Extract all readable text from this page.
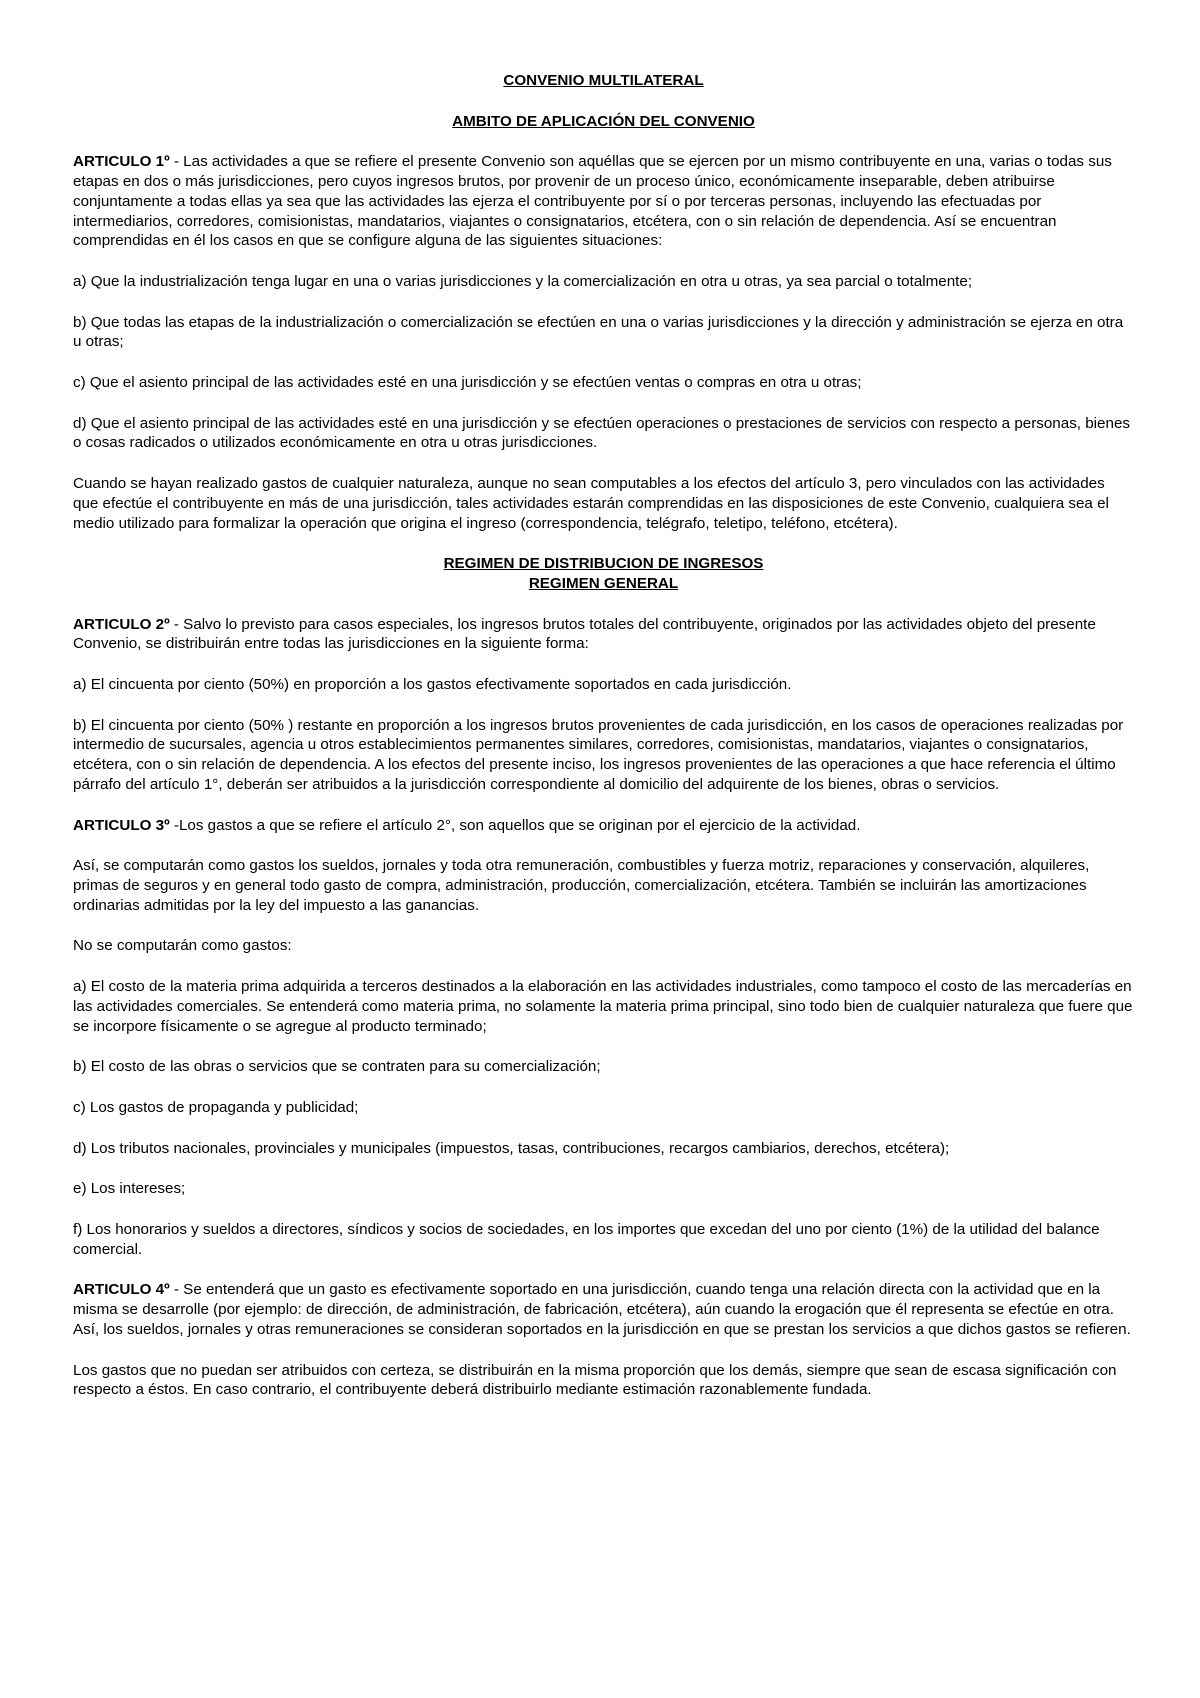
CONVENIO MULTILATERAL

AMBITO DE APLICACIÓN DEL CONVENIO

ARTICULO 1º - Las actividades a que se refiere el presente Convenio son aquéllas que se ejercen por un mismo contribuyente en una, varias o todas sus etapas en dos o más jurisdicciones, pero cuyos ingresos brutos, por provenir de un proceso único, económicamente inseparable, deben atribuirse conjuntamente a todas ellas ya sea que las actividades las ejerza el contribuyente por sí o por terceras personas, incluyendo las efectuadas por intermediarios, corredores, comisionistas, mandatarios, viajantes o consignatarios, etcétera, con o sin relación de dependencia. Así se encuentran comprendidas en él los casos en que se configure alguna de las siguientes situaciones:

a) Que la industrialización tenga lugar en una o varias jurisdicciones y la comercialización en otra u otras, ya sea parcial o totalmente;

b) Que todas las etapas de la industrialización o comercialización se efectúen en una o varias jurisdicciones y la dirección y administración se ejerza en otra u otras;

c) Que el asiento principal de las actividades esté en una jurisdicción y se efectúen ventas o compras en otra u otras;

d) Que el asiento principal de las actividades esté en una jurisdicción y se efectúen operaciones o prestaciones de servicios con respecto a personas, bienes o cosas radicados o utilizados económicamente en otra u otras jurisdicciones.

Cuando se hayan realizado gastos de cualquier naturaleza, aunque no sean computables a los efectos del artículo 3, pero vinculados con las actividades que efectúe el contribuyente en más de una jurisdicción, tales actividades estarán comprendidas en las disposiciones de este Convenio, cualquiera sea el medio utilizado para formalizar la operación que origina el ingreso (correspondencia, telégrafo, teletipo, teléfono, etcétera).

REGIMEN DE DISTRIBUCION DE INGRESOS

REGIMEN GENERAL

ARTICULO 2º - Salvo lo previsto para casos especiales, los ingresos brutos totales del contribuyente, originados por las actividades objeto del presente Convenio, se distribuirán entre todas las jurisdicciones en la siguiente forma:

a) El cincuenta por ciento (50%) en proporción a los gastos efectivamente soportados en cada jurisdicción.

b) El cincuenta por ciento (50% ) restante en proporción a los ingresos brutos provenientes de cada jurisdicción, en los casos de operaciones realizadas por intermedio de sucursales, agencia u otros establecimientos permanentes similares, corredores, comisionistas, mandatarios, viajantes o consignatarios, etcétera, con o sin relación de dependencia. A los efectos del presente inciso, los ingresos provenientes de las operaciones a que hace referencia el último párrafo del artículo 1°, deberán ser atribuidos a la jurisdicción correspondiente al domicilio del adquirente de los bienes, obras o servicios.

ARTICULO 3º -Los gastos a que se refiere el artículo 2°, son aquellos que se originan por el ejercicio de la actividad.

Así, se computarán como gastos los sueldos, jornales y toda otra remuneración, combustibles y fuerza motriz, reparaciones y conservación, alquileres, primas de seguros y en general todo gasto de compra, administración, producción, comercialización, etcétera. También se incluirán las amortizaciones ordinarias admitidas por la ley del impuesto a las ganancias.

No se computarán como gastos:

a) El costo de la materia prima adquirida a terceros destinados a la elaboración en las actividades industriales, como tampoco el costo de las mercaderías en las actividades comerciales. Se entenderá como materia prima, no solamente la materia prima principal, sino todo bien de cualquier naturaleza que fuere que se incorpore físicamente o se agregue al producto terminado;

b) El costo de las obras o servicios que se contraten para su comercialización;

c) Los gastos de propaganda y publicidad;

d) Los tributos nacionales, provinciales y municipales (impuestos, tasas, contribuciones, recargos cambiarios, derechos, etcétera);

e) Los intereses;

f) Los honorarios y sueldos a directores, síndicos y socios de sociedades, en los importes que excedan del uno por ciento (1%) de la utilidad del balance comercial.

ARTICULO 4º - Se entenderá que un gasto es efectivamente soportado en una jurisdicción, cuando tenga una relación directa con la actividad que en la misma se desarrolle (por ejemplo: de dirección, de administración, de fabricación, etcétera), aún cuando la erogación que él representa se efectúe en otra. Así, los sueldos, jornales y otras remuneraciones se consideran soportados en la jurisdicción en que se prestan los servicios a que dichos gastos se refieren.

Los gastos que no puedan ser atribuidos con certeza, se distribuirán en la misma proporción que los demás, siempre que sean de escasa significación con respecto a éstos. En caso contrario, el contribuyente deberá distribuirlo mediante estimación razonablemente fundada.
